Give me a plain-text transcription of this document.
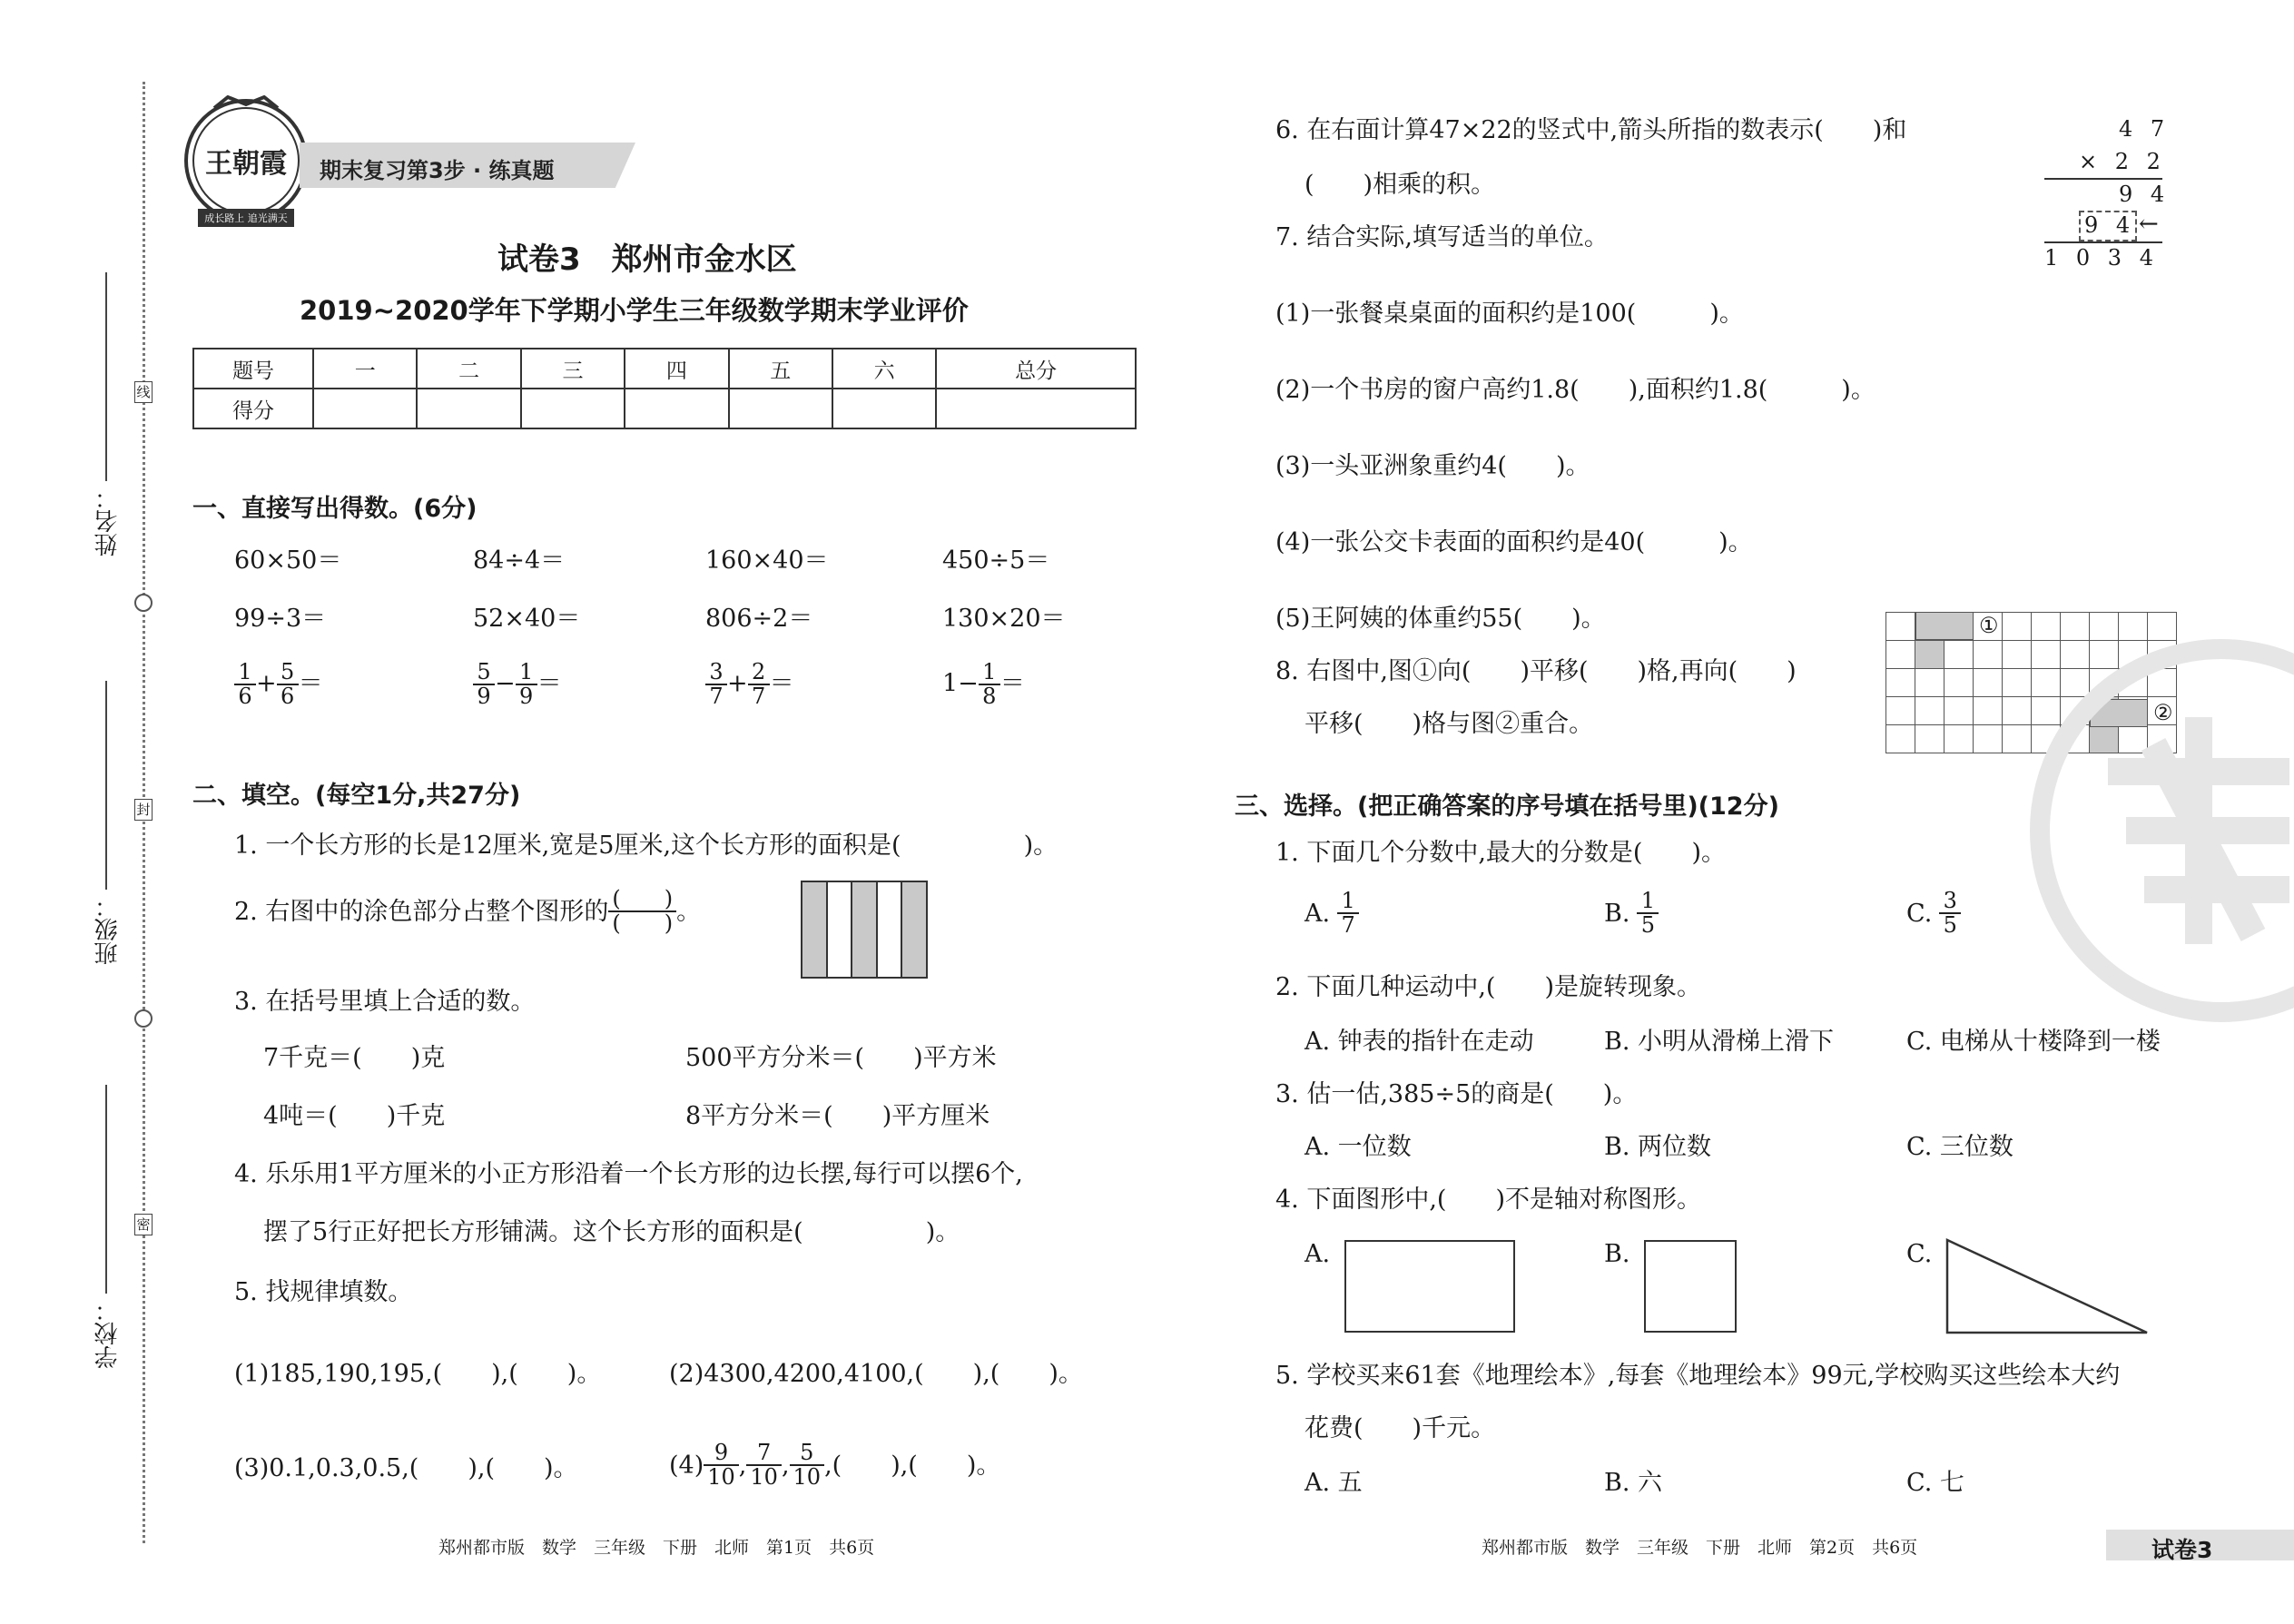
线
封
密
姓名：
班级：
学校：
王朝霞
成长路上 追光满天
期末复习第3步 · 练真题
试卷3　郑州市金水区
2019~2020学年下学期小学生三年级数学期末学业评价
题号	一	二	三	四	五	六	总分
得分							
一、直接写出得数。(6分)
60×50＝	84÷4＝	160×40＝	450÷5＝
99÷3＝	52×40＝	806÷2＝	130×20＝
$\frac{1}{6} + \frac{5}{6}$ ＝	$\frac{5}{9} - \frac{1}{9}$ ＝	$\frac{3}{7} + \frac{2}{7}$ ＝	$1- \frac{1}{8}$ ＝
二、填空。(每空1分,共27分)
1. 一个长方形的长是12厘米,宽是5厘米,这个长方形的面积是(　　　　　)。
2. 右图中的涂色部分占整个图形的 $\frac{( )}{( )}$ 。
3. 在括号里填上合适的数。
7千克＝(　　)克	500平方分米＝(　　)平方米
4吨＝(　　)千克	8平方分米＝(　　)平方厘米
4. 乐乐用1平方厘米的小正方形沿着一个长方形的边长摆,每行可以摆6个,
摆了5行正好把长方形铺满。这个长方形的面积是(　　　　　)。
5. 找规律填数。
(1)185,190,195,(　　),(　　)。	(2)4300,4200,4100,(　　),(　　)。
(3)0.1,0.3,0.5,(　　),(　　)。	$(4) \frac{9}{10}$ , $\frac{7}{10}$ , $\frac{5}{10}$ ,(　　),(　　)。
6. 在右面计算47×22的竖式中,箭头所指的数表示(　　)和
(　　)相乘的积。
4 7
× 2 2
9 4
9 4 ←
1 0 3 4
7. 结合实际,填写适当的单位。
(1)一张餐桌桌面的面积约是100(　　　)。
(2)一个书房的窗户高约1.8(　　),面积约1.8(　　　)。
(3)一头亚洲象重约4(　　)。
(4)一张公交卡表面的面积约是40(　　　)。
(5)王阿姨的体重约55(　　)。
8. 右图中,图①向(　　)平移(　　)格,再向(　　)
平移(　　)格与图②重合。

①
②
三、选择。(把正确答案的序号填在括号里)(12分)
1. 下面几个分数中,最大的分数是(　　)。
A. $\frac{1}{7}$	B. $\frac{1}{5}$	C. $\frac{3}{5}$
2. 下面几种运动中,(　　)是旋转现象。
A. 钟表的指针在走动	B. 小明从滑梯上滑下	C. 电梯从十楼降到一楼
3. 估一估,385÷5的商是(　　)。
A. 一位数	B. 两位数	C. 三位数
4. 下面图形中,(　　)不是轴对称图形。
A.	B.	C.
5. 学校买来61套《地理绘本》,每套《地理绘本》99元,学校购买这些绘本大约
花费(　　)千元。
A. 五	B. 六	C. 七
郑州都市版　数学　三年级　下册　北师　第1页　共6页	郑州都市版　数学　三年级　下册　北师　第2页　共6页	试卷3
